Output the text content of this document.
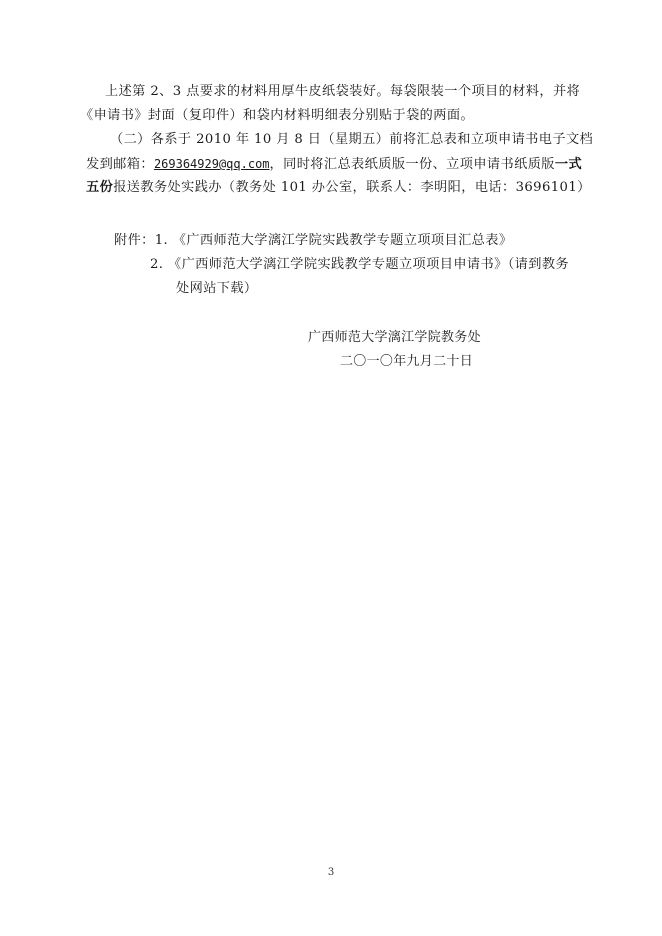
上述第 2、3 点要求的材料用厚牛皮纸袋装好。每袋限装一个项目的材料，并将
《申请书》封面（复印件）和袋内材料明细表分别贴于袋的两面。
（二）各系于 2010 年 10 月 8 日（星期五）前将汇总表和立项申请书电子文档
发到邮箱：269364929@qq.com，同时将汇总表纸质版一份、立项申请书纸质版一式
五份报送教务处实践办（教务处 101 办公室，联系人：李明阳，电话：3696101）
附件：1. 《广西师范大学漓江学院实践教学专题立项项目汇总表》
2. 《广西师范大学漓江学院实践教学专题立项项目申请书》（请到教务
处网站下载）
广西师范大学漓江学院教务处
二〇一〇年九月二十日
3
